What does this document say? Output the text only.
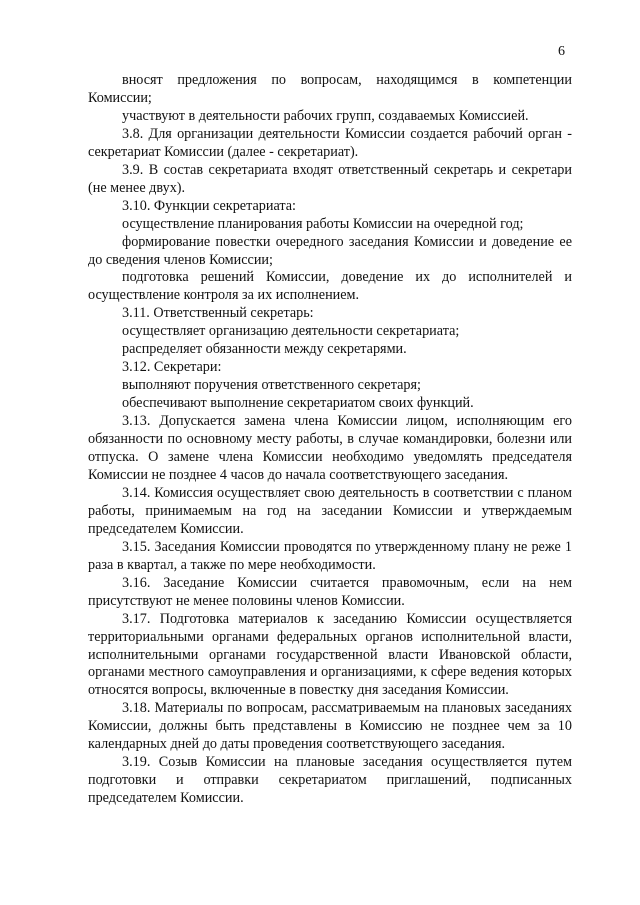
6

вносят предложения по вопросам, находящимся в компетенции Комиссии;

участвуют в деятельности рабочих групп, создаваемых Комиссией.

3.8. Для организации деятельности Комиссии создается рабочий орган - секретариат Комиссии (далее - секретариат).

3.9. В состав секретариата входят ответственный секретарь и секретари (не менее двух).

3.10. Функции секретариата:

осуществление планирования работы Комиссии на очередной год;

формирование повестки очередного заседания Комиссии и доведение ее до сведения членов Комиссии;

подготовка решений Комиссии, доведение их до исполнителей и осуществление контроля за их исполнением.

3.11. Ответственный секретарь:

осуществляет организацию деятельности секретариата;

распределяет обязанности между секретарями.

3.12. Секретари:

выполняют поручения ответственного секретаря;

обеспечивают выполнение секретариатом своих функций.

3.13. Допускается замена члена Комиссии лицом, исполняющим его обязанности по основному месту работы, в случае командировки, болезни или отпуска. О замене члена Комиссии необходимо уведомлять председателя Комиссии не позднее 4 часов до начала соответствующего заседания.

3.14. Комиссия осуществляет свою деятельность в соответствии с планом работы, принимаемым на год на заседании Комиссии и утверждаемым председателем Комиссии.

3.15. Заседания Комиссии проводятся по утвержденному плану не реже 1 раза в квартал, а также по мере необходимости.

3.16. Заседание Комиссии считается правомочным, если на нем присутствуют не менее половины членов Комиссии.

3.17. Подготовка материалов к заседанию Комиссии осуществляется территориальными органами федеральных органов исполнительной власти, исполнительными органами государственной власти Ивановской области, органами местного самоуправления и организациями, к сфере ведения которых относятся вопросы, включенные в повестку дня заседания Комиссии.

3.18. Материалы по вопросам, рассматриваемым на плановых заседаниях Комиссии, должны быть представлены в Комиссию не позднее чем за 10 календарных дней до даты проведения соответствующего заседания.

3.19. Созыв Комиссии на плановые заседания осуществляется путем подготовки и отправки секретариатом приглашений, подписанных председателем Комиссии.
